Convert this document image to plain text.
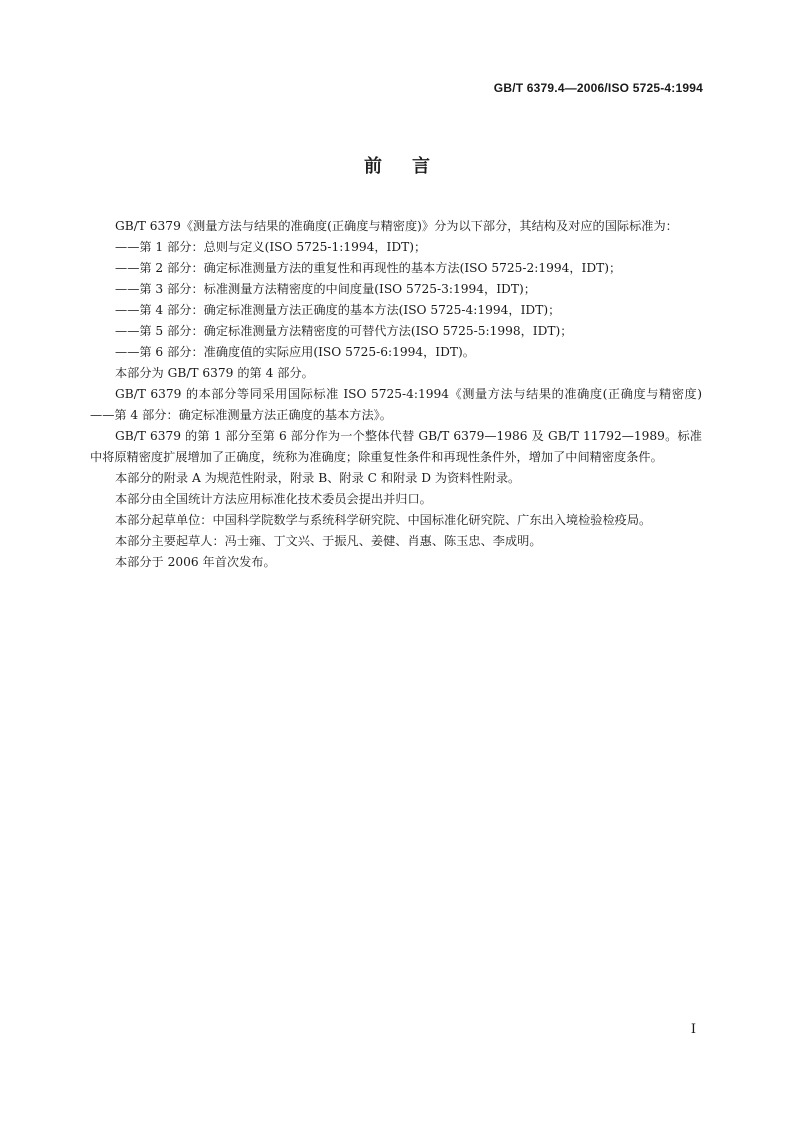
GB/T 6379.4—2006/ISO 5725-4:1994
前言

GB/T 6379《测量方法与结果的准确度(正确度与精密度)》分为以下部分，其结构及对应的国际标准为：

——第 1 部分：总则与定义(ISO 5725-1:1994，IDT)；

——第 2 部分：确定标准测量方法的重复性和再现性的基本方法(ISO 5725-2:1994，IDT)；

——第 3 部分：标准测量方法精密度的中间度量(ISO 5725-3:1994，IDT)；

——第 4 部分：确定标准测量方法正确度的基本方法(ISO 5725-4:1994，IDT)；

——第 5 部分：确定标准测量方法精密度的可替代方法(ISO 5725-5:1998，IDT)；

——第 6 部分：准确度值的实际应用(ISO 5725-6:1994，IDT)。

本部分为 GB/T 6379 的第 4 部分。

GB/T 6379 的本部分等同采用国际标准 ISO 5725-4:1994《测量方法与结果的准确度(正确度与精密度)——第 4 部分：确定标准测量方法正确度的基本方法》。

GB/T 6379 的第 1 部分至第 6 部分作为一个整体代替 GB/T 6379—1986 及 GB/T 11792—1989。标准中将原精密度扩展增加了正确度，统称为准确度；除重复性条件和再现性条件外，增加了中间精密度条件。

本部分的附录 A 为规范性附录，附录 B、附录 C 和附录 D 为资料性附录。

本部分由全国统计方法应用标准化技术委员会提出并归口。

本部分起草单位：中国科学院数学与系统科学研究院、中国标准化研究院、广东出入境检验检疫局。

本部分主要起草人：冯士雍、丁文兴、于振凡、姜健、肖惠、陈玉忠、李成明。

本部分于 2006 年首次发布。

I
